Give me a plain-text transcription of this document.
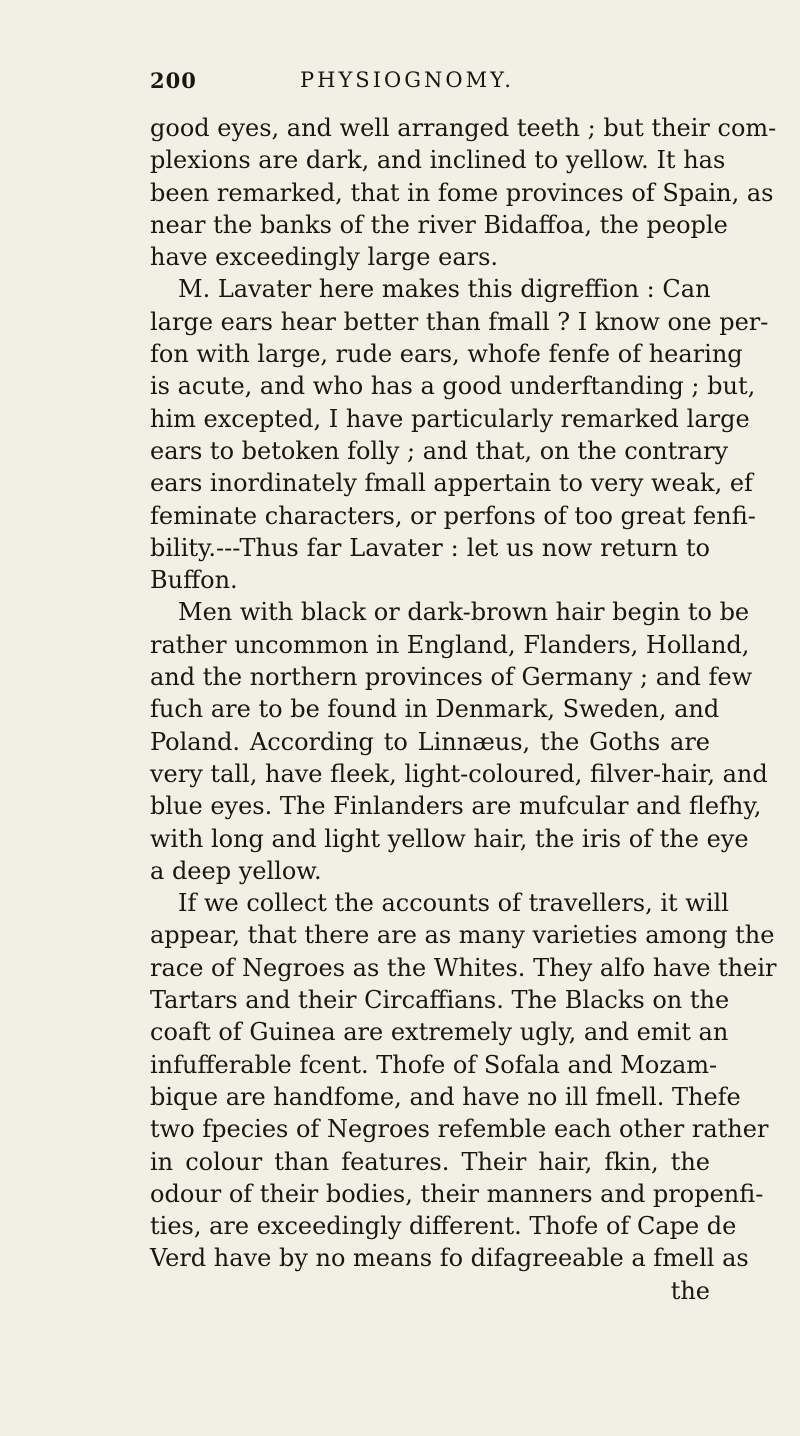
200	PHYSIOGNOMY.
good eyes, and well arranged teeth ; but their com-
plexions are dark, and inclined to yellow. It has
been remarked, that in fome provinces of Spain, as
near the banks of the river Bidaffoa, the people
have exceedingly large ears.
M. Lavater here makes this digreffion : Can
large ears hear better than fmall ? I know one per-
fon with large, rude ears, whofe fenfe of hearing
is acute, and who has a good underftanding ; but,
him excepted, I have particularly remarked large
ears to betoken folly ; and that, on the contrary
ears inordinately fmall appertain to very weak, ef
feminate characters, or perfons of too great fenfi-
bility.---Thus far Lavater : let us now return to
Buffon.
Men with black or dark-brown hair begin to be
rather uncommon in England, Flanders, Holland,
and the northern provinces of Germany ; and few
fuch are to be found in Denmark, Sweden, and
Poland. According to Linnæus, the Goths are
very tall, have fleek, light-coloured, filver-hair, and
blue eyes. The Finlanders are mufcular and flefhy,
with long and light yellow hair, the iris of the eye
a deep yellow.
If we collect the accounts of travellers, it will
appear, that there are as many varieties among the
race of Negroes as the Whites. They alfo have their
Tartars and their Circaffians. The Blacks on the
coaft of Guinea are extremely ugly, and emit an
infufferable fcent. Thofe of Sofala and Mozam-
bique are handfome, and have no ill fmell. Thefe
two fpecies of Negroes refemble each other rather
in colour than features. Their hair, fkin, the
odour of their bodies, their manners and propenfi-
ties, are exceedingly different. Thofe of Cape de
Verd have by no means fo difagreeable a fmell as
the
